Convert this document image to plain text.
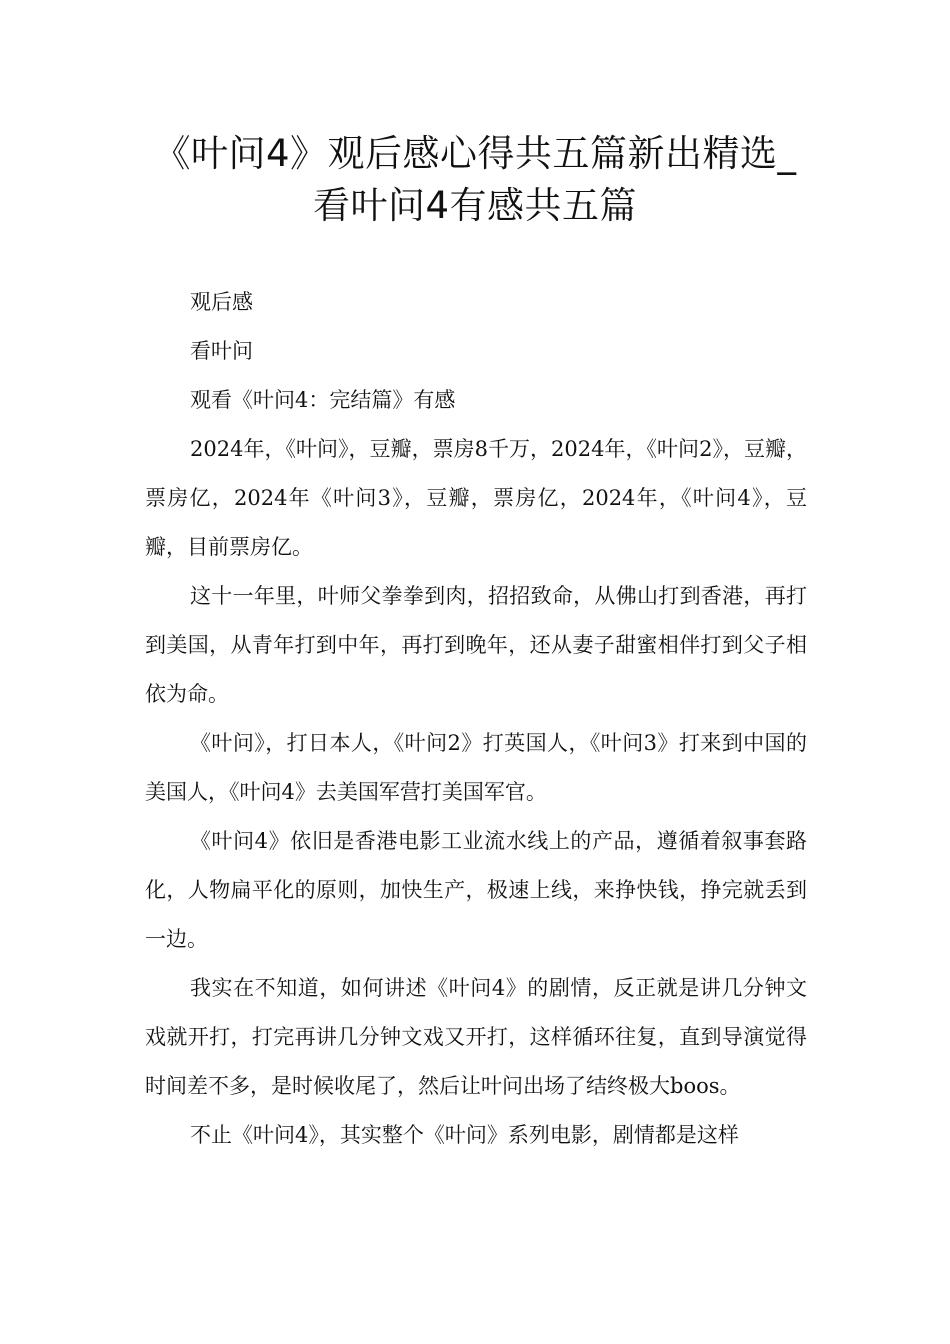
《叶问4》观后感心得共五篇新出精选_
看叶问4有感共五篇

观后感

看叶问

观看《叶问4：完结篇》有感

2024年，《叶问》，豆瓣，票房8千万，2024年，《叶问2》，豆瓣，票房亿，2024年《叶问3》，豆瓣，票房亿，2024年，《叶问4》，豆瓣，目前票房亿。

这十一年里，叶师父拳拳到肉，招招致命，从佛山打到香港，再打到美国，从青年打到中年，再打到晚年，还从妻子甜蜜相伴打到父子相依为命。

《叶问》，打日本人，《叶问2》打英国人，《叶问3》打来到中国的美国人，《叶问4》去美国军营打美国军官。

《叶问4》依旧是香港电影工业流水线上的产品，遵循着叙事套路化，人物扁平化的原则，加快生产，极速上线，来挣快钱，挣完就丢到一边。

我实在不知道，如何讲述《叶问4》的剧情，反正就是讲几分钟文戏就开打，打完再讲几分钟文戏又开打，这样循环往复，直到导演觉得时间差不多，是时候收尾了，然后让叶问出场了结终极大boos。

不止《叶问4》，其实整个《叶问》系列电影，剧情都是这样
